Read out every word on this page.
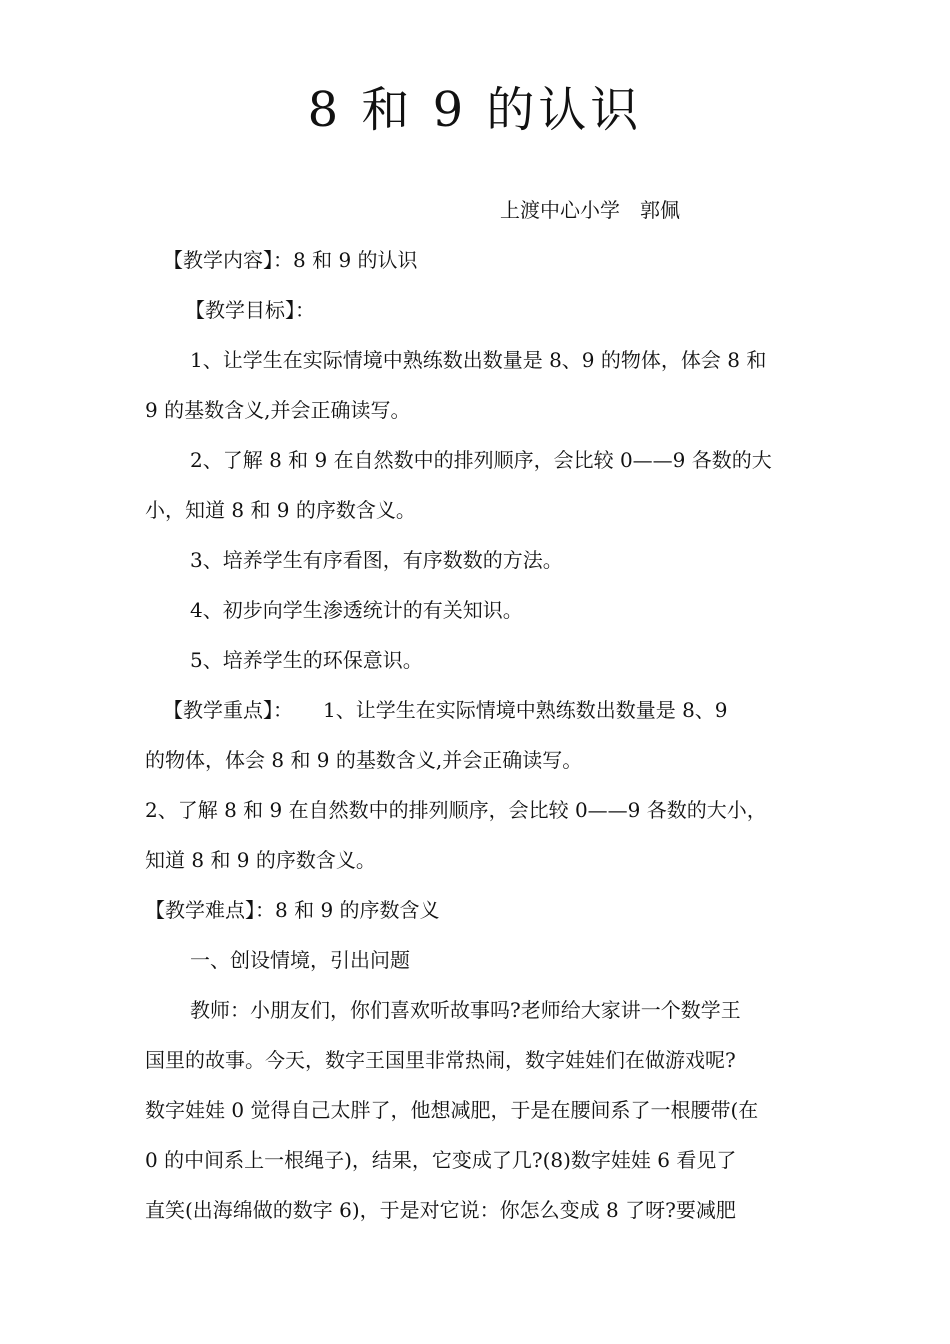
8 和 9 的认识
上渡中心小学　郭佩
【教学内容】：8 和 9 的认识
【教学目标】：
1、让学生在实际情境中熟练数出数量是 8、9 的物体，体会 8 和
9 的基数含义,并会正确读写。
2、了解 8 和 9 在自然数中的排列顺序，会比较 0——9 各数的大
小，知道 8 和 9 的序数含义。
3、培养学生有序看图，有序数数的方法。
4、初步向学生渗透统计的有关知识。
5、培养学生的环保意识。
【教学重点】：　　1、让学生在实际情境中熟练数出数量是 8、9
的物体，体会 8 和 9 的基数含义,并会正确读写。
2、了解 8 和 9 在自然数中的排列顺序，会比较 0——9 各数的大小，
知道 8 和 9 的序数含义。
【教学难点】：8 和 9 的序数含义
一、创设情境，引出问题
教师：小朋友们，你们喜欢听故事吗?老师给大家讲一个数学王
国里的故事。今天，数字王国里非常热闹，数字娃娃们在做游戏呢?
数字娃娃 0 觉得自己太胖了，他想减肥，于是在腰间系了一根腰带(在
0 的中间系上一根绳子)，结果，它变成了几?(8)数字娃娃 6 看见了
直笑(出海绵做的数字 6)，于是对它说：你怎么变成 8 了呀?要减肥
